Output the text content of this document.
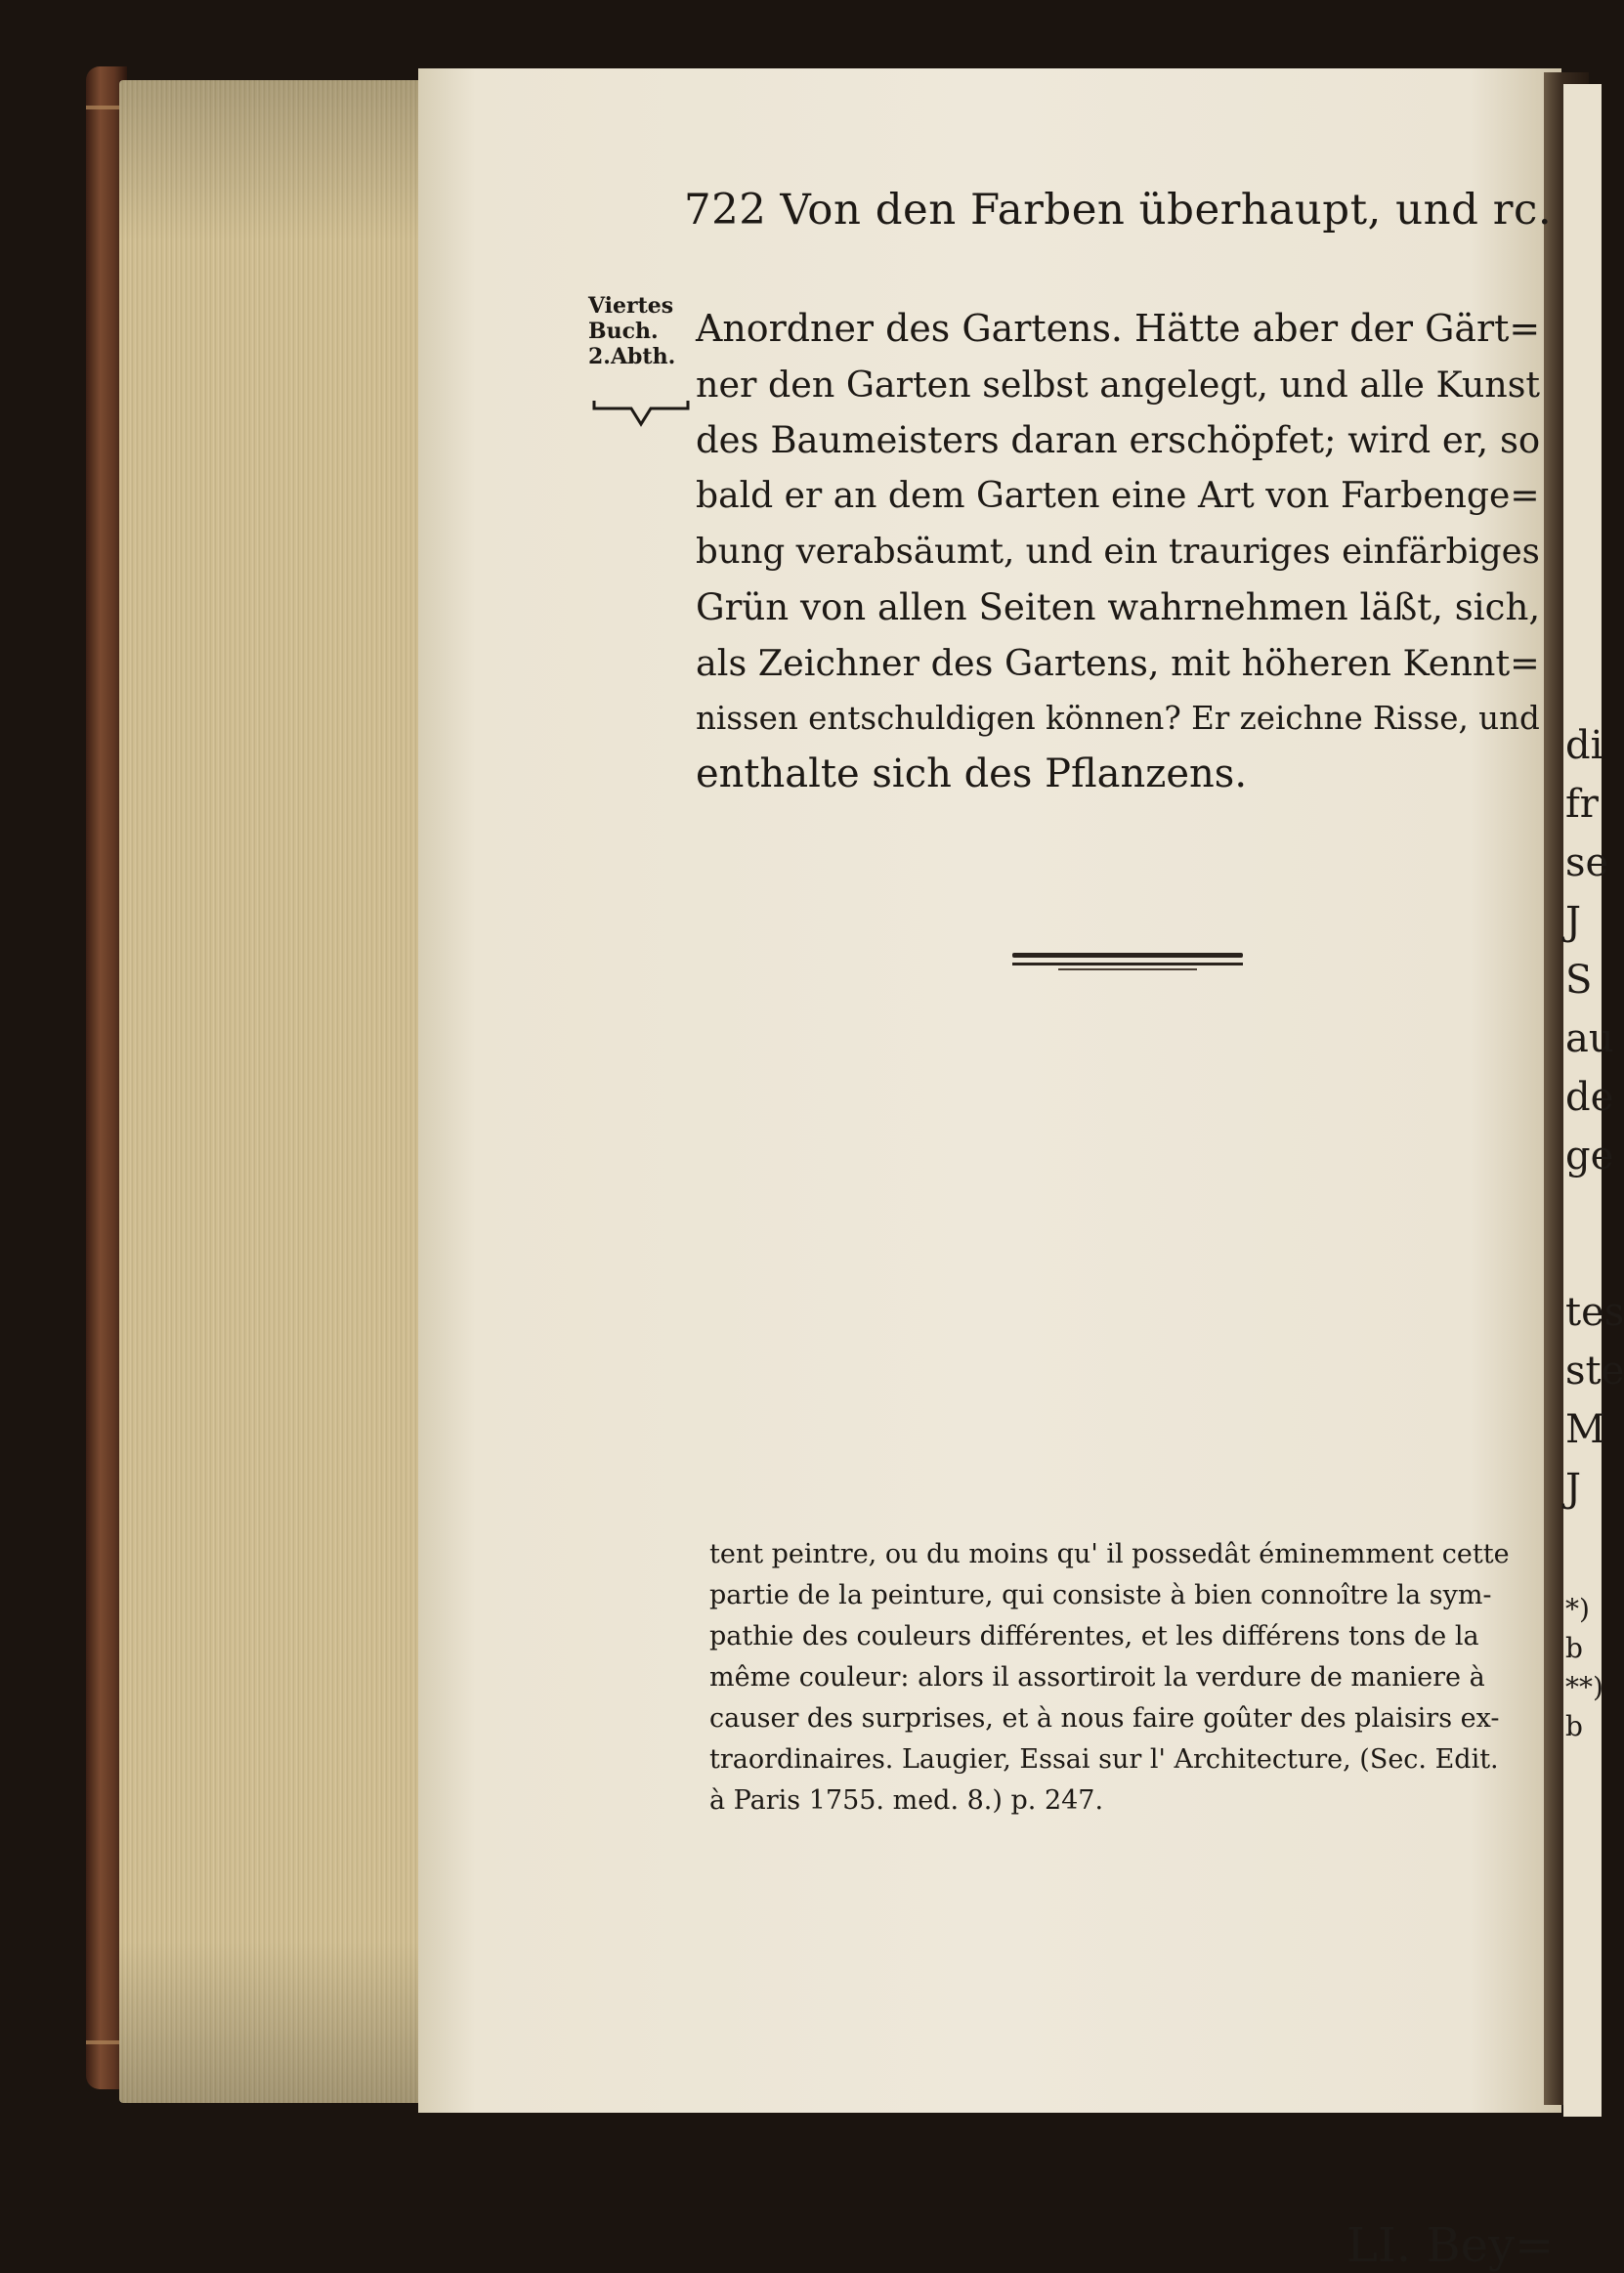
di
fr
se
J
S
au
de
ge
tes
ste
M
J
*)
b
**)
b
722 Von den Farben überhaupt, und rc.
Viertes
Buch.
2.Abth.
Anordner des Gartens. Hätte aber der Gärt=
ner den Garten selbst angelegt, und alle Kunst
des Baumeisters daran erschöpfet; wird er, so
bald er an dem Garten eine Art von Farbenge=
bung verabsäumt, und ein trauriges einfärbiges
Grün von allen Seiten wahrnehmen läßt, sich,
als Zeichner des Gartens, mit höheren Kennt=
nissen entschuldigen können? Er zeichne Risse, und
enthalte sich des Pflanzens.
tent peintre, ou du moins qu' il possedât éminemment cette
partie de la peinture, qui consiste à bien connoître la sym-
pathie des couleurs différentes, et les différens tons de la
même couleur: alors il assortiroit la verdure de maniere à
causer des surprises, et à nous faire goûter des plaisirs ex-
traordinaires. Laugier, Essai sur l' Architecture, (Sec. Edit.
à Paris 1755. med. 8.) p. 247.
LI. Bey=
